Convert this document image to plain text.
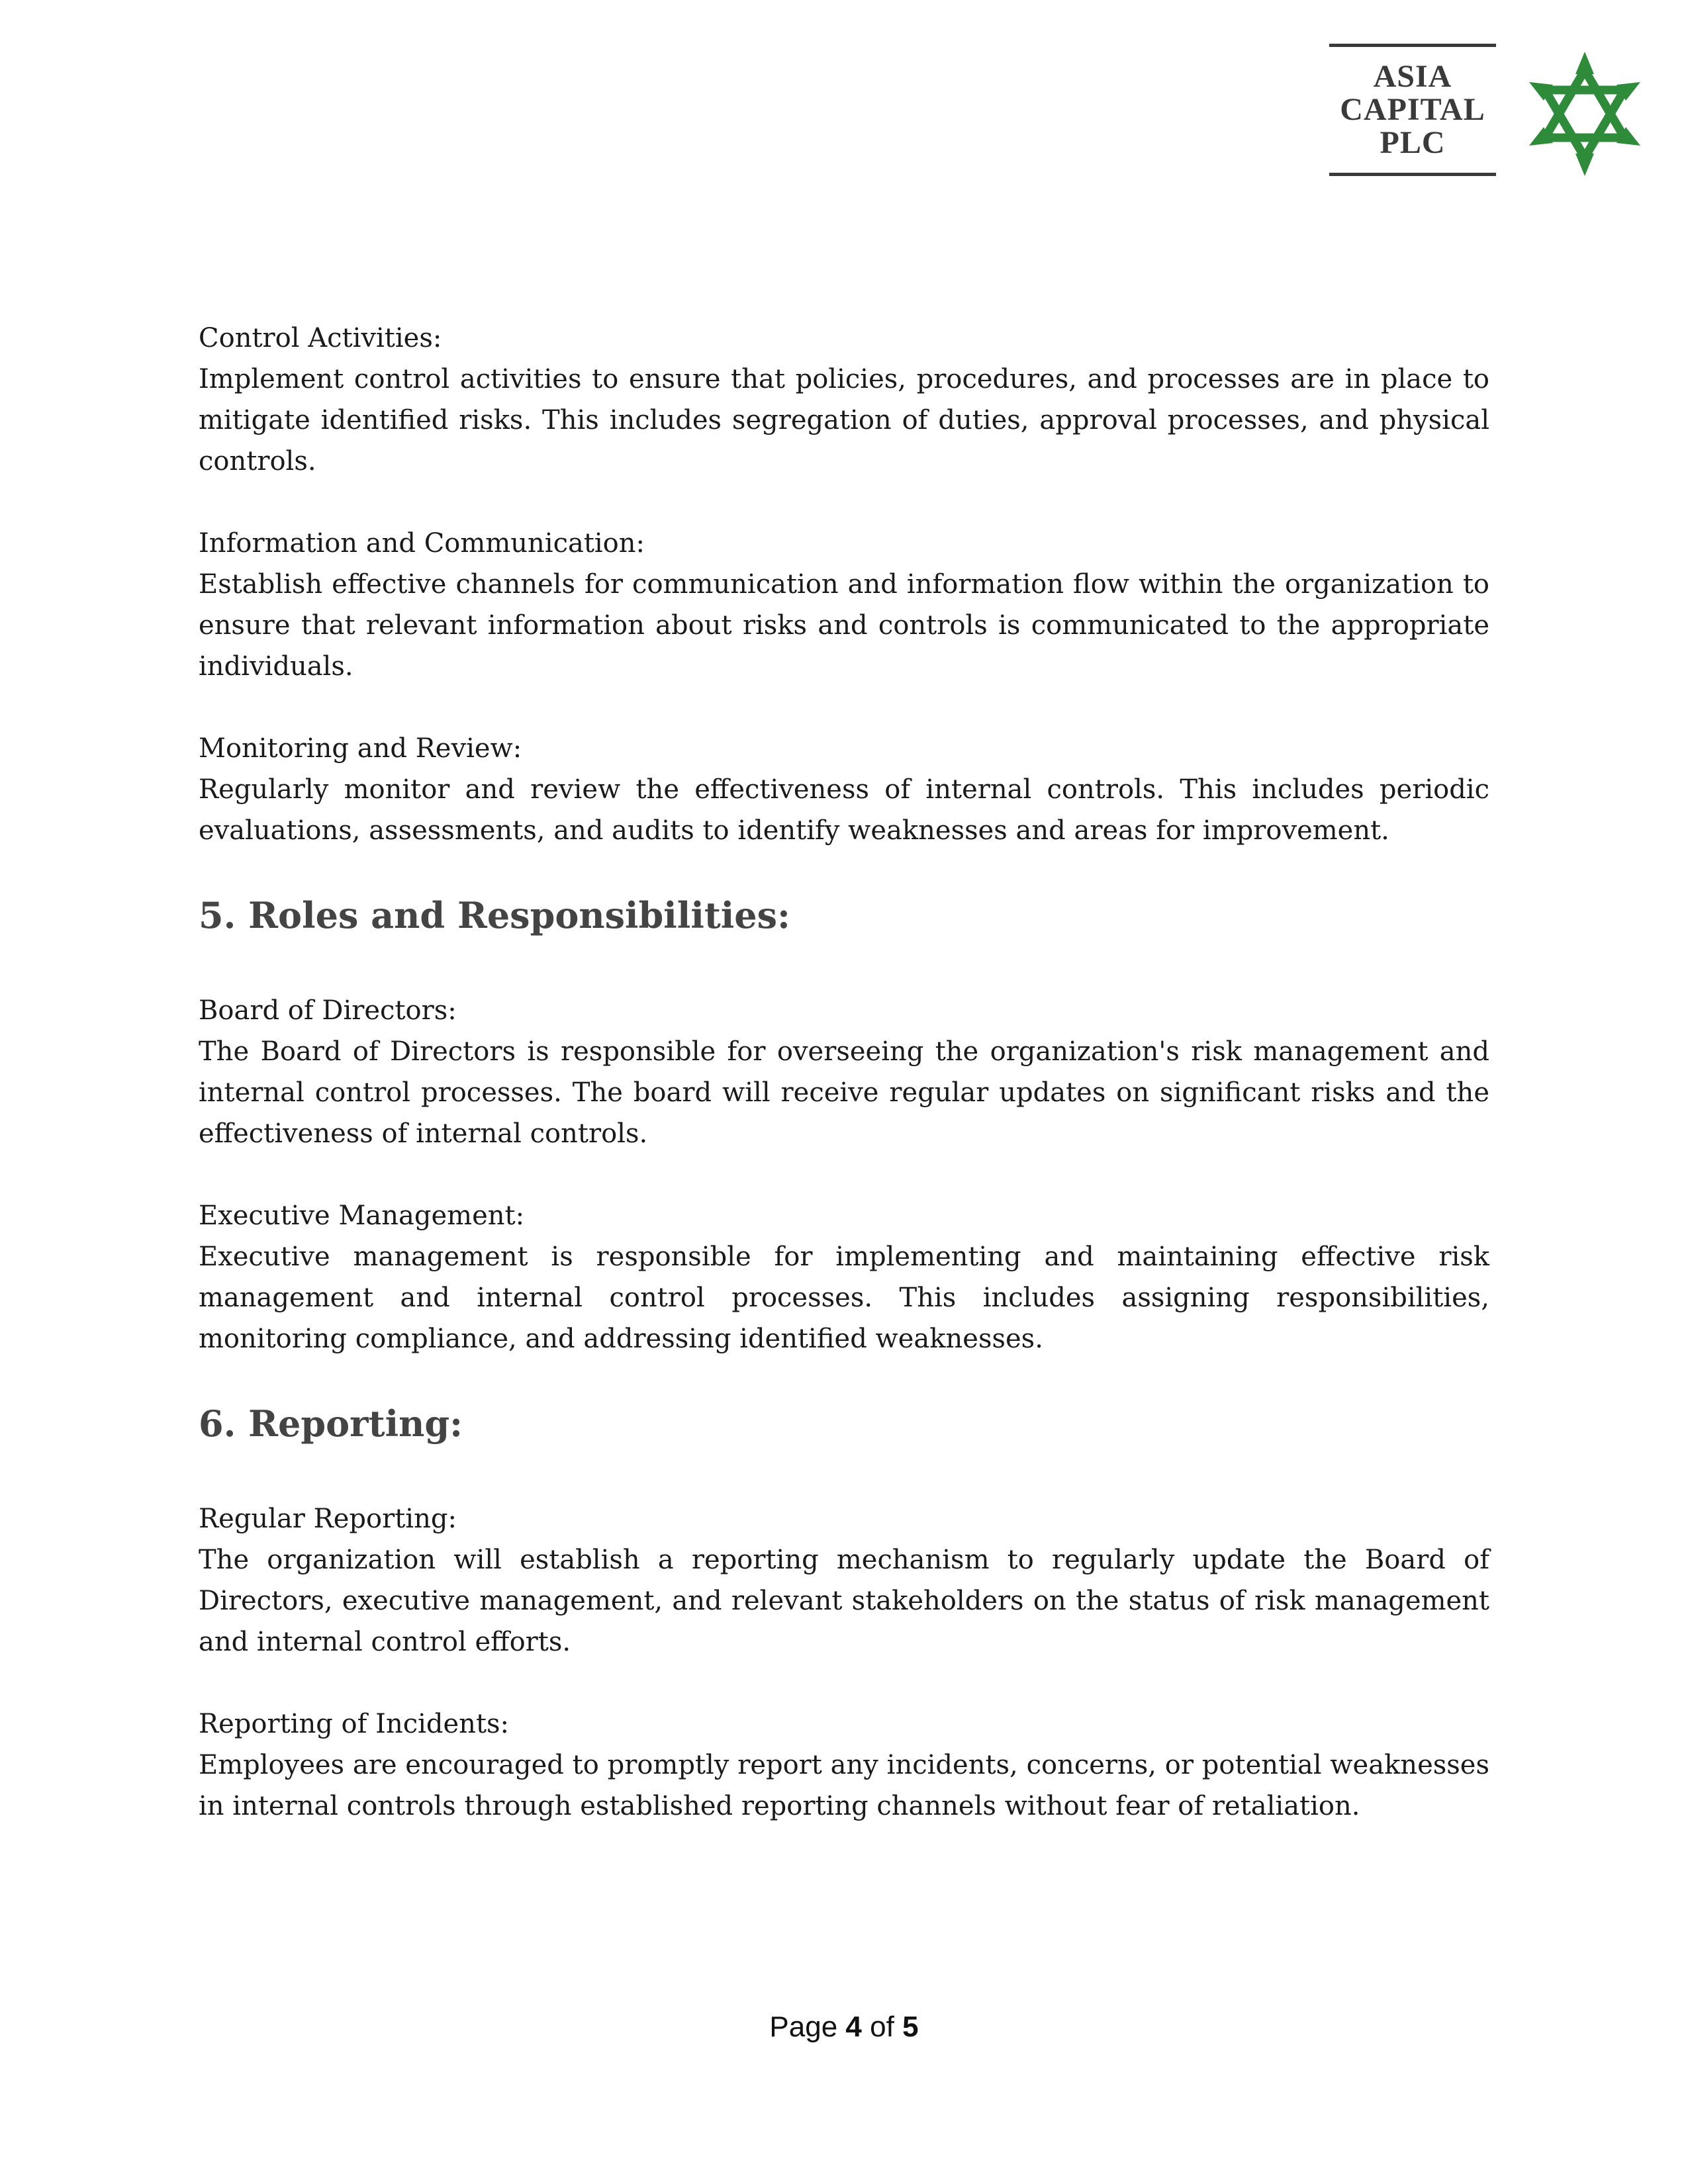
ASIA
CAPITAL
PLC

Control Activities:

Implement control activities to ensure that policies, procedures, and processes are in place to mitigate identified risks. This includes segregation of duties, approval processes, and physical controls.

Information and Communication:

Establish effective channels for communication and information flow within the organization to ensure that relevant information about risks and controls is communicated to the appropriate individuals.

Monitoring and Review:

Regularly monitor and review the effectiveness of internal controls. This includes periodic evaluations, assessments, and audits to identify weaknesses and areas for improvement.

5. Roles and Responsibilities:

Board of Directors:

The Board of Directors is responsible for overseeing the organization's risk management and internal control processes. The board will receive regular updates on significant risks and the effectiveness of internal controls.

Executive Management:

Executive management is responsible for implementing and maintaining effective risk management and internal control processes. This includes assigning responsibilities, monitoring compliance, and addressing identified weaknesses.

6. Reporting:

Regular Reporting:

The organization will establish a reporting mechanism to regularly update the Board of Directors, executive management, and relevant stakeholders on the status of risk management and internal control efforts.

Reporting of Incidents:

Employees are encouraged to promptly report any incidents, concerns, or potential weaknesses in internal controls through established reporting channels without fear of retaliation.

Page 4 of 5
